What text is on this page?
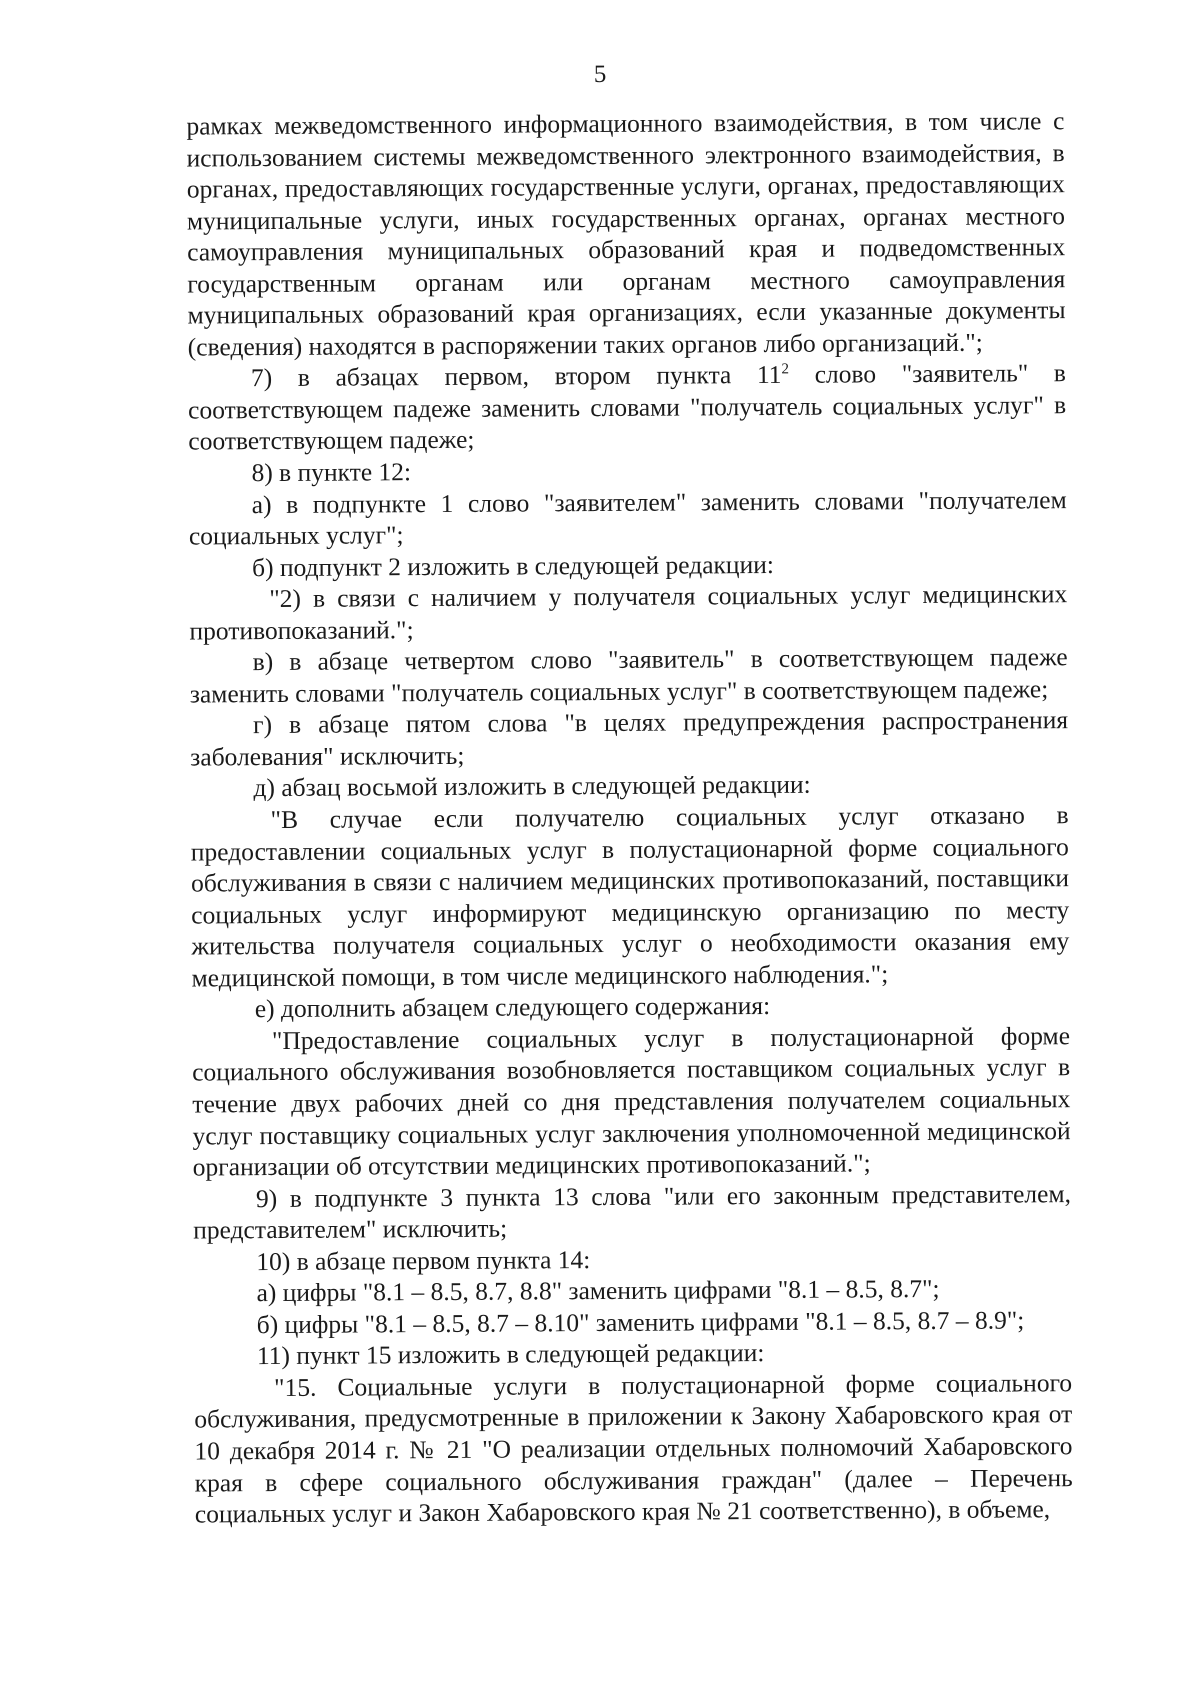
5

рамках межведомственного информационного взаимодействия, в том числе с использованием системы межведомственного электронного взаимодействия, в органах, предоставляющих государственные услуги, органах, предоставляющих муниципальные услуги, иных государственных органах, органах местного самоуправления муниципальных образований края и подведомственных государственным органам или органам местного самоуправления муниципальных образований края организациях, если указанные документы (сведения) находятся в распоряжении таких органов либо организаций.";

7) в абзацах первом, втором пункта $11^2$ слово "заявитель" в соответствующем падеже заменить словами "получатель социальных услуг" в соответствующем падеже;

8) в пункте 12:

а) в подпункте 1 слово "заявителем" заменить словами "получателем социальных услуг";

б) подпункт 2 изложить в следующей редакции:

"2) в связи с наличием у получателя социальных услуг медицинских противопоказаний.";

в) в абзаце четвертом слово "заявитель" в соответствующем падеже заменить словами "получатель социальных услуг" в соответствующем падеже;

г) в абзаце пятом слова "в целях предупреждения распространения заболевания" исключить;

д) абзац восьмой изложить в следующей редакции:

"В случае если получателю социальных услуг отказано в предоставлении социальных услуг в полустационарной форме социального обслуживания в связи с наличием медицинских противопоказаний, поставщики социальных услуг информируют медицинскую организацию по месту жительства получателя социальных услуг о необходимости оказания ему медицинской помощи, в том числе медицинского наблюдения.";

е) дополнить абзацем следующего содержания:

"Предоставление социальных услуг в полустационарной форме социального обслуживания возобновляется поставщиком социальных услуг в течение двух рабочих дней со дня представления получателем социальных услуг поставщику социальных услуг заключения уполномоченной медицинской организации об отсутствии медицинских противопоказаний.";

9) в подпункте 3 пункта 13 слова "или его законным представителем, представителем" исключить;

10) в абзаце первом пункта 14:

а) цифры "8.1 – 8.5, 8.7, 8.8" заменить цифрами "8.1 – 8.5, 8.7";

б) цифры "8.1 – 8.5, 8.7 – 8.10" заменить цифрами "8.1 – 8.5, 8.7 – 8.9";

11) пункт 15 изложить в следующей редакции:

"15. Социальные услуги в полустационарной форме социального обслуживания, предусмотренные в приложении к Закону Хабаровского края от 10 декабря 2014 г. № 21 "О реализации отдельных полномочий Хабаровского края в сфере социального обслуживания граждан" (далее – Перечень социальных услуг и Закон Хабаровского края № 21 соответственно), в объеме,
